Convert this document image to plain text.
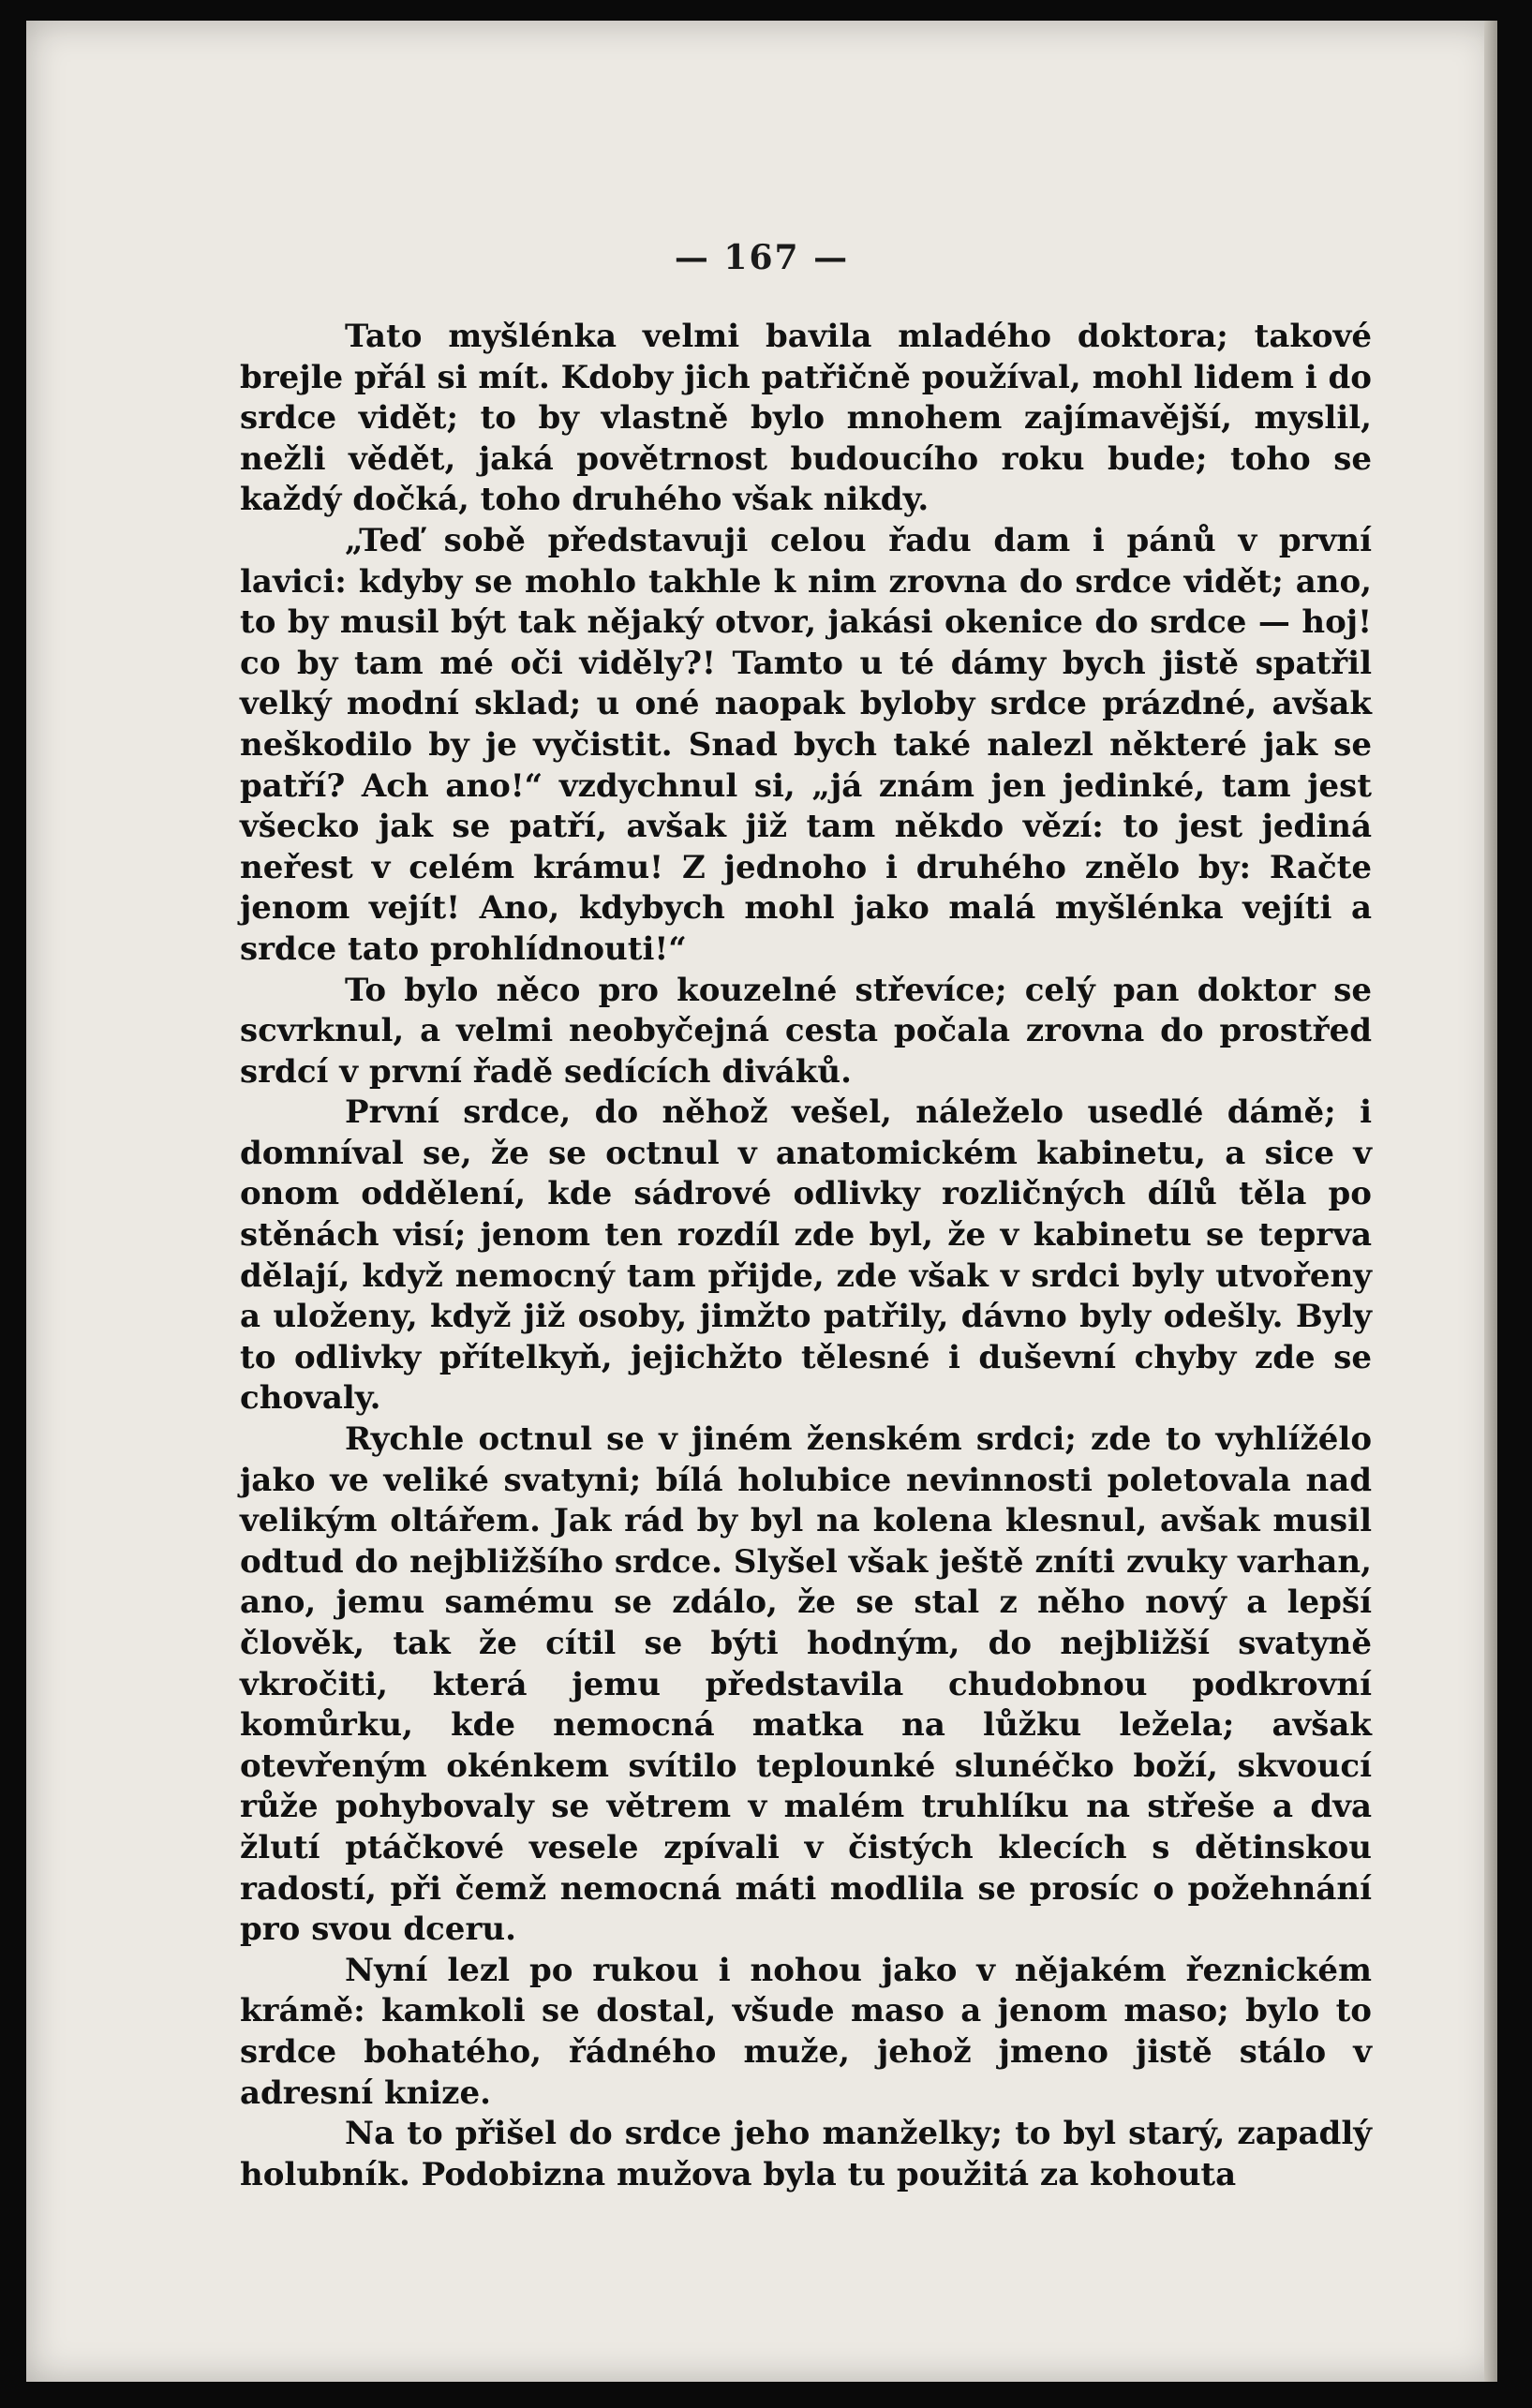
— 167 —

Tato myšlénka velmi bavila mladého doktora; takové brejle přál si mít. Kdoby jich patřičně používal, mohl lidem i do srdce vidět; to by vlastně bylo mnohem zajímavější, myslil, nežli vědět, jaká povětrnost budoucího roku bude; toho se každý dočká, toho druhého však nikdy.

„Teď sobě představuji celou řadu dam i pánů v první lavici: kdyby se mohlo takhle k nim zrovna do srdce vidět; ano, to by musil být tak nějaký otvor, jakási okenice do srdce — hoj! co by tam mé oči viděly?! Tamto u té dámy bych jistě spatřil velký modní sklad; u oné naopak byloby srdce prázdné, avšak neškodilo by je vyčistit. Snad bych také nalezl některé jak se patří? Ach ano!“ vzdychnul si, „já znám jen jedinké, tam jest všecko jak se patří, avšak již tam někdo vězí: to jest jediná neřest v celém krámu! Z jednoho i druhého znělo by: Račte jenom vejít! Ano, kdybych mohl jako malá myšlénka vejíti a srdce tato prohlídnouti!“

To bylo něco pro kouzelné střevíce; celý pan doktor se scvrknul, a velmi neobyčejná cesta počala zrovna do prostřed srdcí v první řadě sedících diváků.

První srdce, do něhož vešel, náleželo usedlé dámě; i domníval se, že se octnul v anatomickém kabinetu, a sice v onom oddělení, kde sádrové odlivky rozličných dílů těla po stěnách visí; jenom ten rozdíl zde byl, že v kabinetu se teprva dělají, když nemocný tam přijde, zde však v srdci byly utvořeny a uloženy, když již osoby, jimžto patřily, dávno byly odešly. Byly to odlivky přítelkyň, jejichžto tělesné i duševní chyby zde se chovaly.

Rychle octnul se v jiném ženském srdci; zde to vyhlížélo jako ve veliké svatyni; bílá holubice nevinnosti poletovala nad velikým oltářem. Jak rád by byl na kolena klesnul, avšak musil odtud do nejbližšího srdce. Slyšel však ještě zníti zvuky varhan, ano, jemu samému se zdálo, že se stal z něho nový a lepší člověk, tak že cítil se býti hodným, do nejbližší svatyně vkročiti, která jemu představila chudobnou podkrovní komůrku, kde nemocná matka na lůžku ležela; avšak otevřeným okénkem svítilo teplounké slunéčko boží, skvoucí růže pohybovaly se větrem v malém truhlíku na střeše a dva žlutí ptáčkové vesele zpívali v čistých klecích s dětinskou radostí, při čemž nemocná máti modlila se prosíc o požehnání pro svou dceru.

Nyní lezl po rukou i nohou jako v nějakém řeznickém krámě: kamkoli se dostal, všude maso a jenom maso; bylo to srdce bohatého, řádného muže, jehož jmeno jistě stálo v adresní knize.

Na to přišel do srdce jeho manželky; to byl starý, zapadlý holubník. Podobizna mužova byla tu použitá za kohouta
